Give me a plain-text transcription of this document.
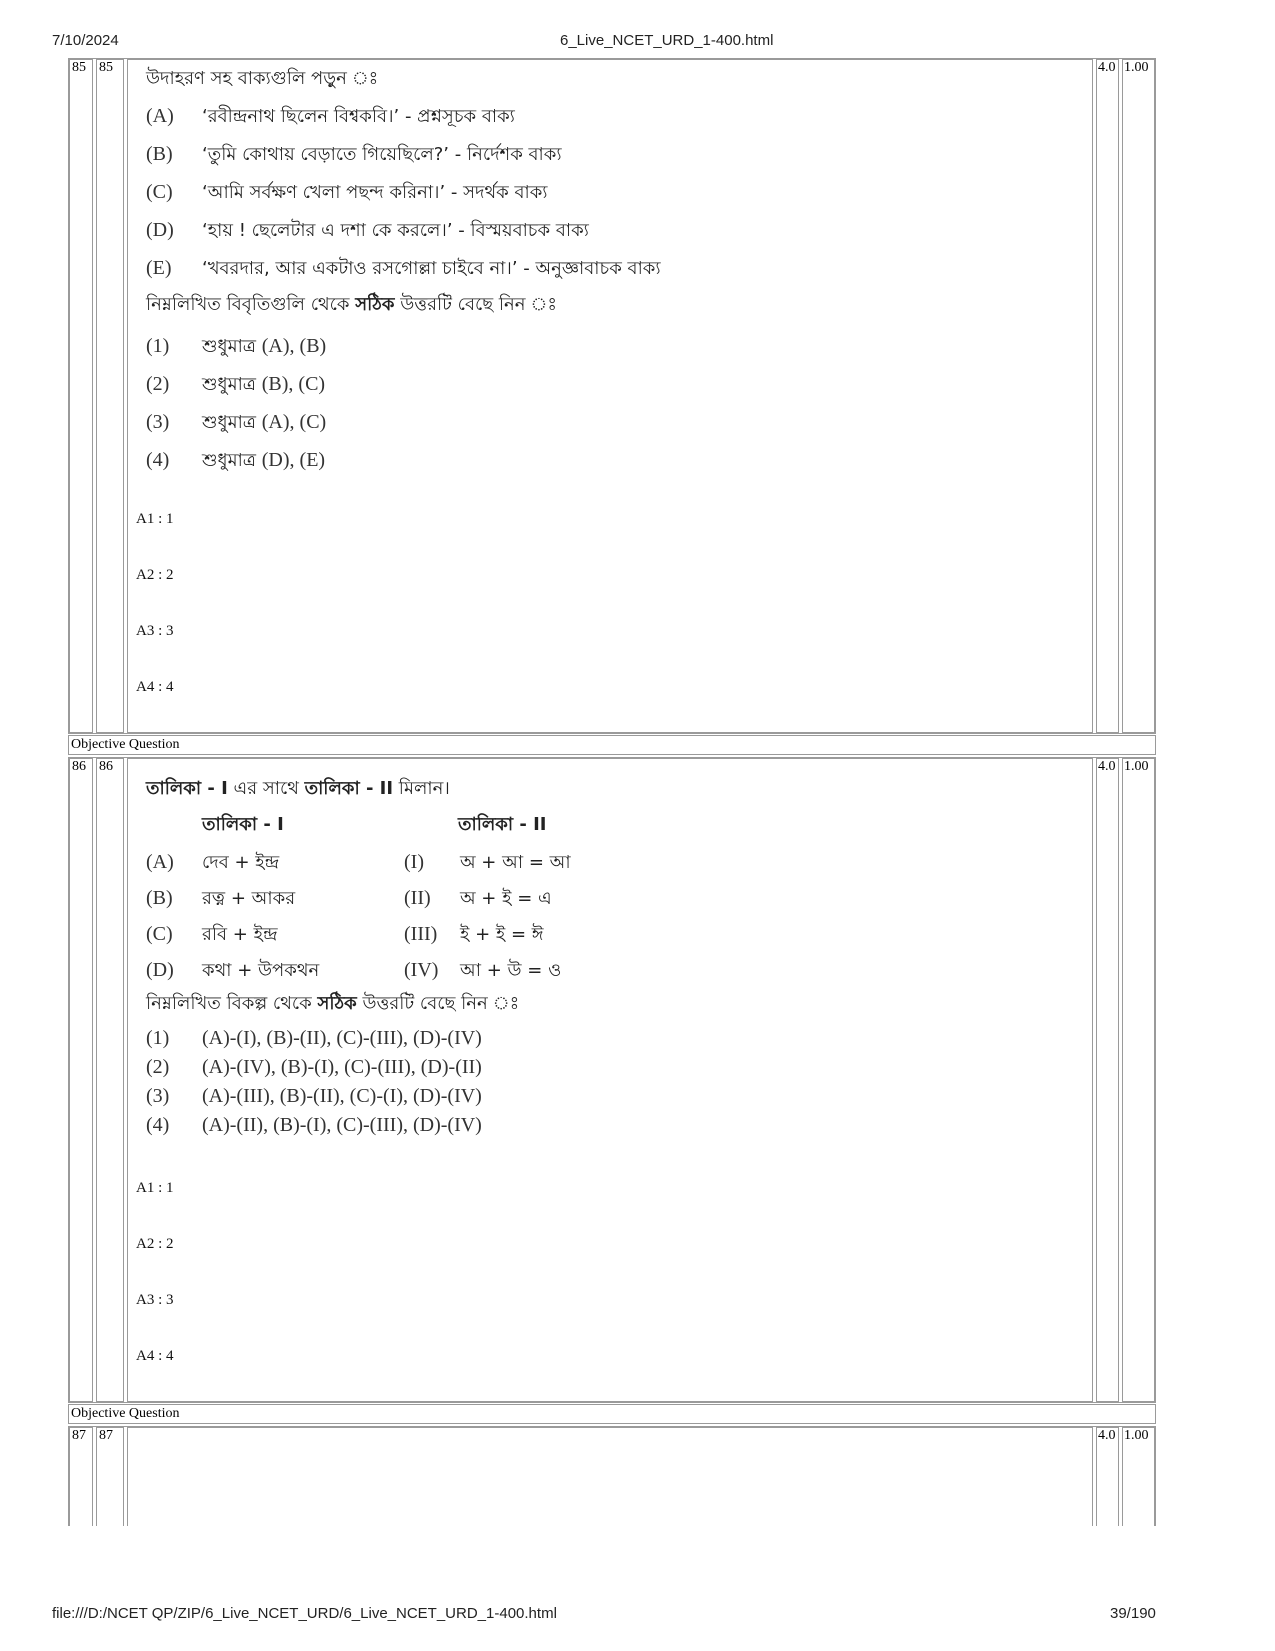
7/10/2024	6_Live_NCET_URD_1-400.html
85 85	4.0 1.00
উদাহরণ সহ বাক্যগুলি পড়ুন ঃ
(A) ‘রবীন্দ্রনাথ ছিলেন বিশ্বকবি।’ - প্রশ্নসূচক বাক্য
(B) ‘তুমি কোথায় বেড়াতে গিয়েছিলে?’ - নির্দেশক বাক্য
(C) ‘আমি সর্বক্ষণ খেলা পছন্দ করিনা।’ - সদর্থক বাক্য
(D) ‘হায় ! ছেলেটার এ দশা কে করলে।’ - বিস্ময়বাচক বাক্য
(E) ‘খবরদার, আর একটাও রসগোল্লা চাইবে না।’ - অনুজ্ঞাবাচক বাক্য
নিম্নলিখিত বিবৃতিগুলি থেকে সঠিক উত্তরটি বেছে নিন ঃ
(1) শুধুমাত্র (A), (B)
(2) শুধুমাত্র (B), (C)
(3) শুধুমাত্র (A), (C)
(4) শুধুমাত্র (D), (E)
A1 : 1
A2 : 2
A3 : 3
A4 : 4
Objective Question
86 86	4.0 1.00
তালিকা - I এর সাথে তালিকা - II মিলান।
তালিকা - I	তালিকা - II
(A) দেব + ইন্দ্র	(I) অ + আ = আ
(B) রত্ন + আকর	(II) অ + ই = এ
(C) রবি + ইন্দ্র	(III) ই + ই = ঈ
(D) কথা + উপকথন	(IV) আ + উ = ও
নিম্নলিখিত বিকল্প থেকে সঠিক উত্তরটি বেছে নিন ঃ
(1) (A)-(I), (B)-(II), (C)-(III), (D)-(IV)
(2) (A)-(IV), (B)-(I), (C)-(III), (D)-(II)
(3) (A)-(III), (B)-(II), (C)-(I), (D)-(IV)
(4) (A)-(II), (B)-(I), (C)-(III), (D)-(IV)
A1 : 1
A2 : 2
A3 : 3
A4 : 4
Objective Question
87 87	4.0 1.00
file:///D:/NCET QP/ZIP/6_Live_NCET_URD/6_Live_NCET_URD_1-400.html	39/190
